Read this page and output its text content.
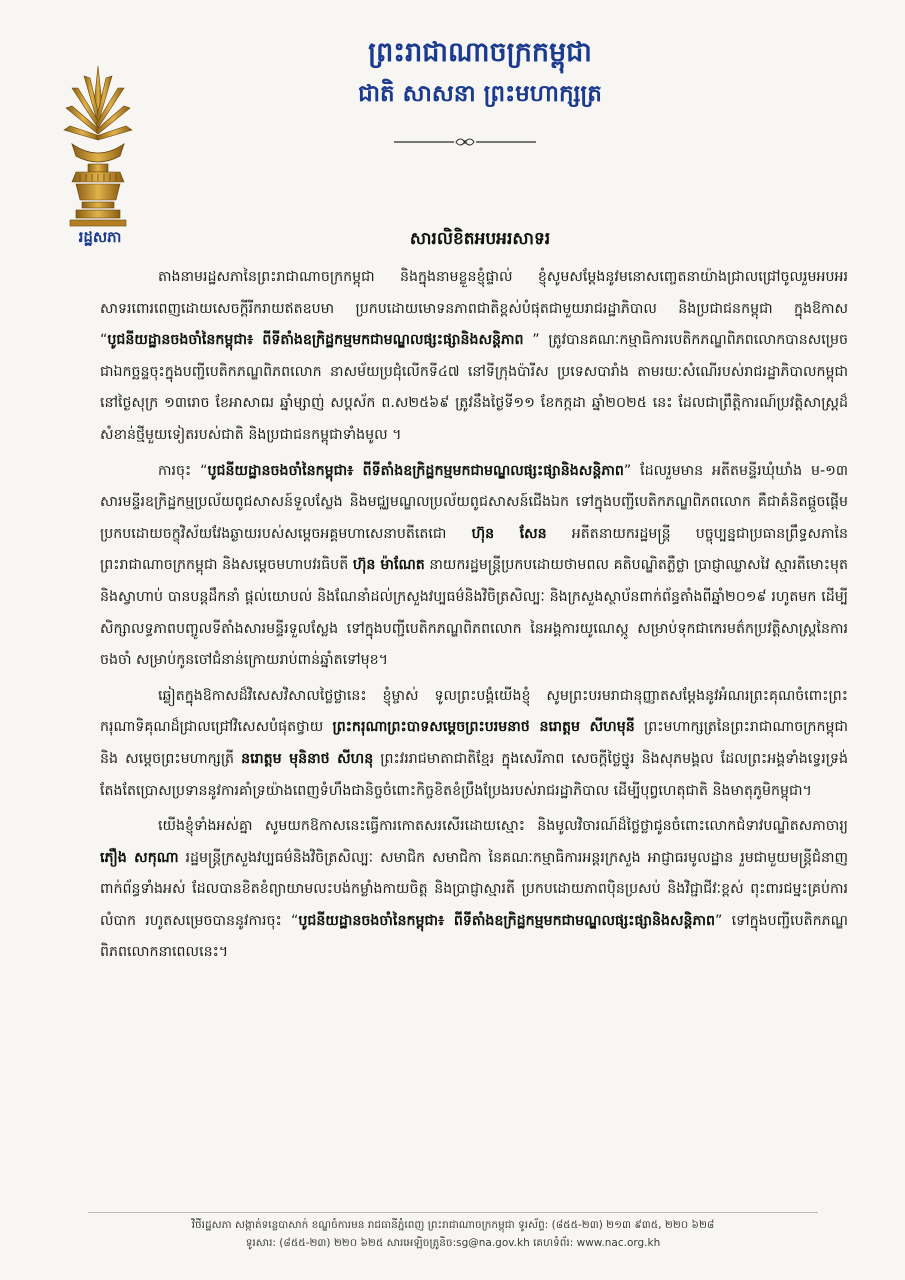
រដ្ឋសភា
ព្រះរាជាណាចក្រកម្ពុជា
ជាតិ សាសនា ព្រះមហាក្សត្រ
សារលិខិតអបអរសាទរ

តាងនាមរដ្ឋសភានៃព្រះរាជាណាចក្រកម្ពុជា និងក្នុងនាមខ្លួនខ្ញុំផ្ទាល់ ខ្ញុំសូមសម្តែងនូវមនោសញ្ចេតនាយ៉ាងជ្រាលជ្រៅចូលរួមអបអរសាទរពោរពេញដោយសេចក្តីរីករាយឥតឧបមា ប្រកបដោយមោទនភាពជាតិខ្ពស់បំផុតជាមួយរាជរដ្ឋាភិបាល និងប្រជាជនកម្ពុជា ក្នុងឱកាស “បូជនីយដ្ឋានចងចាំនៃកម្ពុជា៖ ពីទីតាំងឧក្រិដ្ឋកម្មមកជាមណ្ឌលផ្សះផ្សានិងសន្តិភាព ” ត្រូវបានគណៈកម្មាធិការបេតិកភណ្ឌពិភពលោកបានសម្រេចជាឯកច្ឆន្ទចុះក្នុងបញ្ជីបេតិកភណ្ឌពិភពលោក នាសម័យប្រជុំលើកទី៤៧ នៅទីក្រុងប៉ារីស ប្រទេសបារាំង តាមរយៈសំណើរបស់រាជរដ្ឋាភិបាលកម្ពុជា នៅថ្ងៃសុក្រ ១៣រោច ខែអាសាឍ ឆ្នាំម្សាញ់ សប្តស័ក ព.ស២៥៦៩ ត្រូវនឹងថ្ងៃទី១១ ខែកក្កដា ឆ្នាំ២០២៥ នេះ ដែលជាព្រឹត្តិការណ៍ប្រវត្តិសាស្ត្រដ៏សំខាន់ថ្មីមួយទៀតរបស់ជាតិ និងប្រជាជនកម្ពុជាទាំងមូល ។

ការចុះ “បូជនីយដ្ឋានចងចាំនៃកម្ពុជា៖ ពីទីតាំងឧក្រិដ្ឋកម្មមកជាមណ្ឌលផ្សះផ្សានិងសន្តិភាព” ដែលរួមមាន អតីតមន្ទីរឃុំឃាំង ម-១៣ សារមន្ទីរឧក្រិដ្ឋកម្មប្រល័យពូជសាសន៍ទួលស្លែង និងមជ្ឈមណ្ឌលប្រល័យពូជសាសន៍ជើងឯក ទៅក្នុងបញ្ជីបេតិកភណ្ឌពិភពលោក គឺជាគំនិតផ្តួចផ្តើមប្រកបដោយចក្ខុវិស័យវែងឆ្ងាយរបស់សម្តេចអគ្គមហាសេនាបតីតេជោ ហ៊ុន សែន អតីតនាយករដ្ឋមន្ត្រី បច្ចុប្បន្នជាប្រធានព្រឹទ្ធសភានៃព្រះរាជាណាចក្រកម្ពុជា និងសម្តេចមហាបវរធិបតី ហ៊ុន ម៉ាណែត នាយករដ្ឋមន្ត្រីប្រកបដោយថាមពល គតិបណ្ឌិតភ្លឺថ្លា ប្រាជ្ញាឈ្លាសវៃ ស្មារតីមោះមុត និងស្វាហាប់ បានបន្តដឹកនាំ ផ្តល់យោបល់ និងណែនាំដល់ក្រសួងវប្បធម៌និងវិចិត្រសិល្បៈ និងក្រសួងស្ថាប័នពាក់ព័ន្ធតាំងពីឆ្នាំ២០១៩ រហូតមក ដើម្បីសិក្សាលទ្ធភាពបញ្ចូលទីតាំងសារមន្ទីរទួលស្លែង ទៅក្នុងបញ្ជីបេតិកភណ្ឌពិភពលោក នៃអង្គការយូណេស្កូ សម្រាប់ទុកជាកេរមត៌កប្រវត្តិសាស្ត្រនៃការចងចាំ សម្រាប់កូនចៅជំនាន់ក្រោយរាប់ពាន់ឆ្នាំតទៅមុខ។

ឆ្លៀតក្នុងឱកាសដ៏វិសេសវិសាលថ្លៃថ្លានេះ ខ្ញុំម្ចាស់ ទូលព្រះបង្គំយើងខ្ញុំ សូមព្រះបរមរាជានុញ្ញាតសម្តែងនូវអំណរព្រះគុណចំពោះព្រះករុណាទិគុណដ៏ជ្រាលជ្រៅវិសេសបំផុតថ្វាយ ព្រះករុណាព្រះបាទសម្តេចព្រះបរមនាថ នរោត្តម សីហមុនី ព្រះមហាក្សត្រនៃព្រះរាជាណាចក្រកម្ពុជា និង សម្តេចព្រះមហាក្សត្រី នរោត្តម មុនិនាថ សីហនុ ព្រះវររាជមាតាជាតិខ្មែរ ក្នុងសេរីភាព សេចក្តីថ្លៃថ្នូរ និងសុភមង្គល ដែលព្រះអង្គទាំងទ្វេរទ្រង់តែងតែប្រោសប្រទាននូវការគាំទ្រយ៉ាងពេញទំហឹងជានិច្ចចំពោះកិច្ចខិតខំប្រឹងប្រែងរបស់រាជរដ្ឋាភិបាល ដើម្បីបុព្វហេតុជាតិ និងមាតុភូមិកម្ពុជា។

យើងខ្ញុំទាំងអស់គ្នា សូមយកឱកាសនេះធ្វើការកោតសរសើរដោយស្មោះ និងមូលវិចារណ៍ដ៏ថ្លៃថ្លាជូនចំពោះលោកជំទាវបណ្ឌិតសភាចារ្យ ភឿង សកុណា រដ្ឋមន្ត្រីក្រសួងវប្បធម៌និងវិចិត្រសិល្បៈ សមាជិក សមាជិកា នៃគណៈកម្មាធិការអន្តរក្រសួង អាជ្ញាធរមូលដ្ឋាន រួមជាមួយមន្ត្រីជំនាញពាក់ព័ន្ធទាំងអស់ ដែលបានខិតខំព្យាយាមលះបង់កម្លាំងកាយចិត្ត និងប្រាជ្ញាស្មារតី ប្រកបដោយភាពប៉ិនប្រសប់ និងវិជ្ជាជីវៈខ្ពស់ ពុះពារជម្នះគ្រប់ការលំបាក រហូតសម្រេចបាននូវការចុះ “បូជនីយដ្ឋានចងចាំនៃកម្ពុជា៖ ពីទីតាំងឧក្រិដ្ឋកម្មមកជាមណ្ឌលផ្សះផ្សានិងសន្តិភាព” ទៅក្នុងបញ្ជីបេតិកភណ្ឌពិភពលោកនាពេលនេះ។

វិថីរដ្ឋសភា សង្កាត់ទន្លេបាសាក់ ខណ្ឌចំការមន រាជធានីភ្នំពេញ ព្រះរាជាណាចក្រកម្ពុជា ទូរស័ព្ទ: (៨៥៥-២៣) ២១៣ ៩៣៥, ២២០ ៦២៨
ទូរសារ: (៨៥៥-២៣) ២២០ ៦២៥ សារអេឡិចត្រូនិច:sg@na.gov.kh គេហទំព័រ: www.nac.org.kh
